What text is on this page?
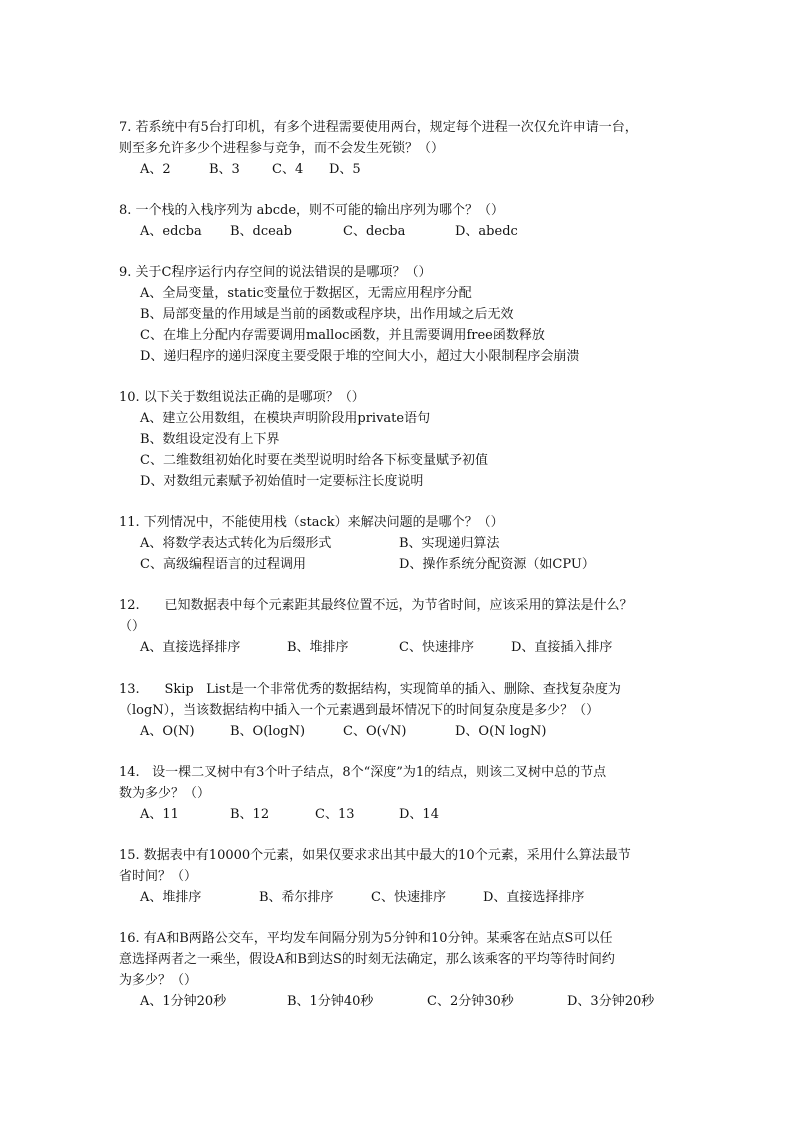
7. 若系统中有5台打印机，有多个进程需要使用两台，规定每个进程一次仅允许申请一台，
则至多允许多少个进程参与竞争，而不会发生死锁？（）
A、2	B、3 C、4 D、5
8. 一个栈的入栈序列为 abcde，则不可能的输出序列为哪个？（）
A、edcba B、dceab	C、decba	D、abedc
9. 关于C程序运行内存空间的说法错误的是哪项？（）
A、全局变量，static变量位于数据区，无需应用程序分配
B、局部变量的作用域是当前的函数或程序块，出作用域之后无效
C、在堆上分配内存需要调用malloc函数，并且需要调用free函数释放
D、递归程序的递归深度主要受限于堆的空间大小，超过大小限制程序会崩溃
10. 以下关于数组说法正确的是哪项？（）
A、建立公用数组，在模块声明阶段用private语句
B、数组设定没有上下界
C、二维数组初始化时要在类型说明时给各下标变量赋予初值
D、对数组元素赋予初始值时一定要标注长度说明
11. 下列情况中，不能使用栈（stack）来解决问题的是哪个？（）
A、将数学表达式转化为后缀形式	B、实现递归算法
C、高级编程语言的过程调用	D、操作系统分配资源（如CPU）
12.      已知数据表中每个元素距其最终位置不远，为节省时间，应该采用的算法是什么？
（）
A、直接选择排序	B、堆排序	C、快速排序	D、直接插入排序
13.      Skip   List是一个非常优秀的数据结构，实现简单的插入、删除、查找复杂度为
（logN），当该数据结构中插入一个元素遇到最坏情况下的时间复杂度是多少？（）
A、O(N)	B、O(logN)	C、O(√N)	D、O(N logN)
14.   设一棵二叉树中有3个叶子结点，8个“深度”为1的结点，则该二叉树中总的节点
数为多少？（）
A、11	B、12	C、13	D、14
15. 数据表中有10000个元素，如果仅要求求出其中最大的10个元素，采用什么算法最节
省时间？（）
A、堆排序	B、希尔排序	C、快速排序	D、直接选择排序
16. 有A和B两路公交车，平均发车间隔分别为5分钟和10分钟。某乘客在站点S可以任
意选择两者之一乘坐，假设A和B到达S的时刻无法确定，那么该乘客的平均等待时间约
为多少？（）
A、1分钟20秒	B、1分钟40秒	C、2分钟30秒	D、3分钟20秒
